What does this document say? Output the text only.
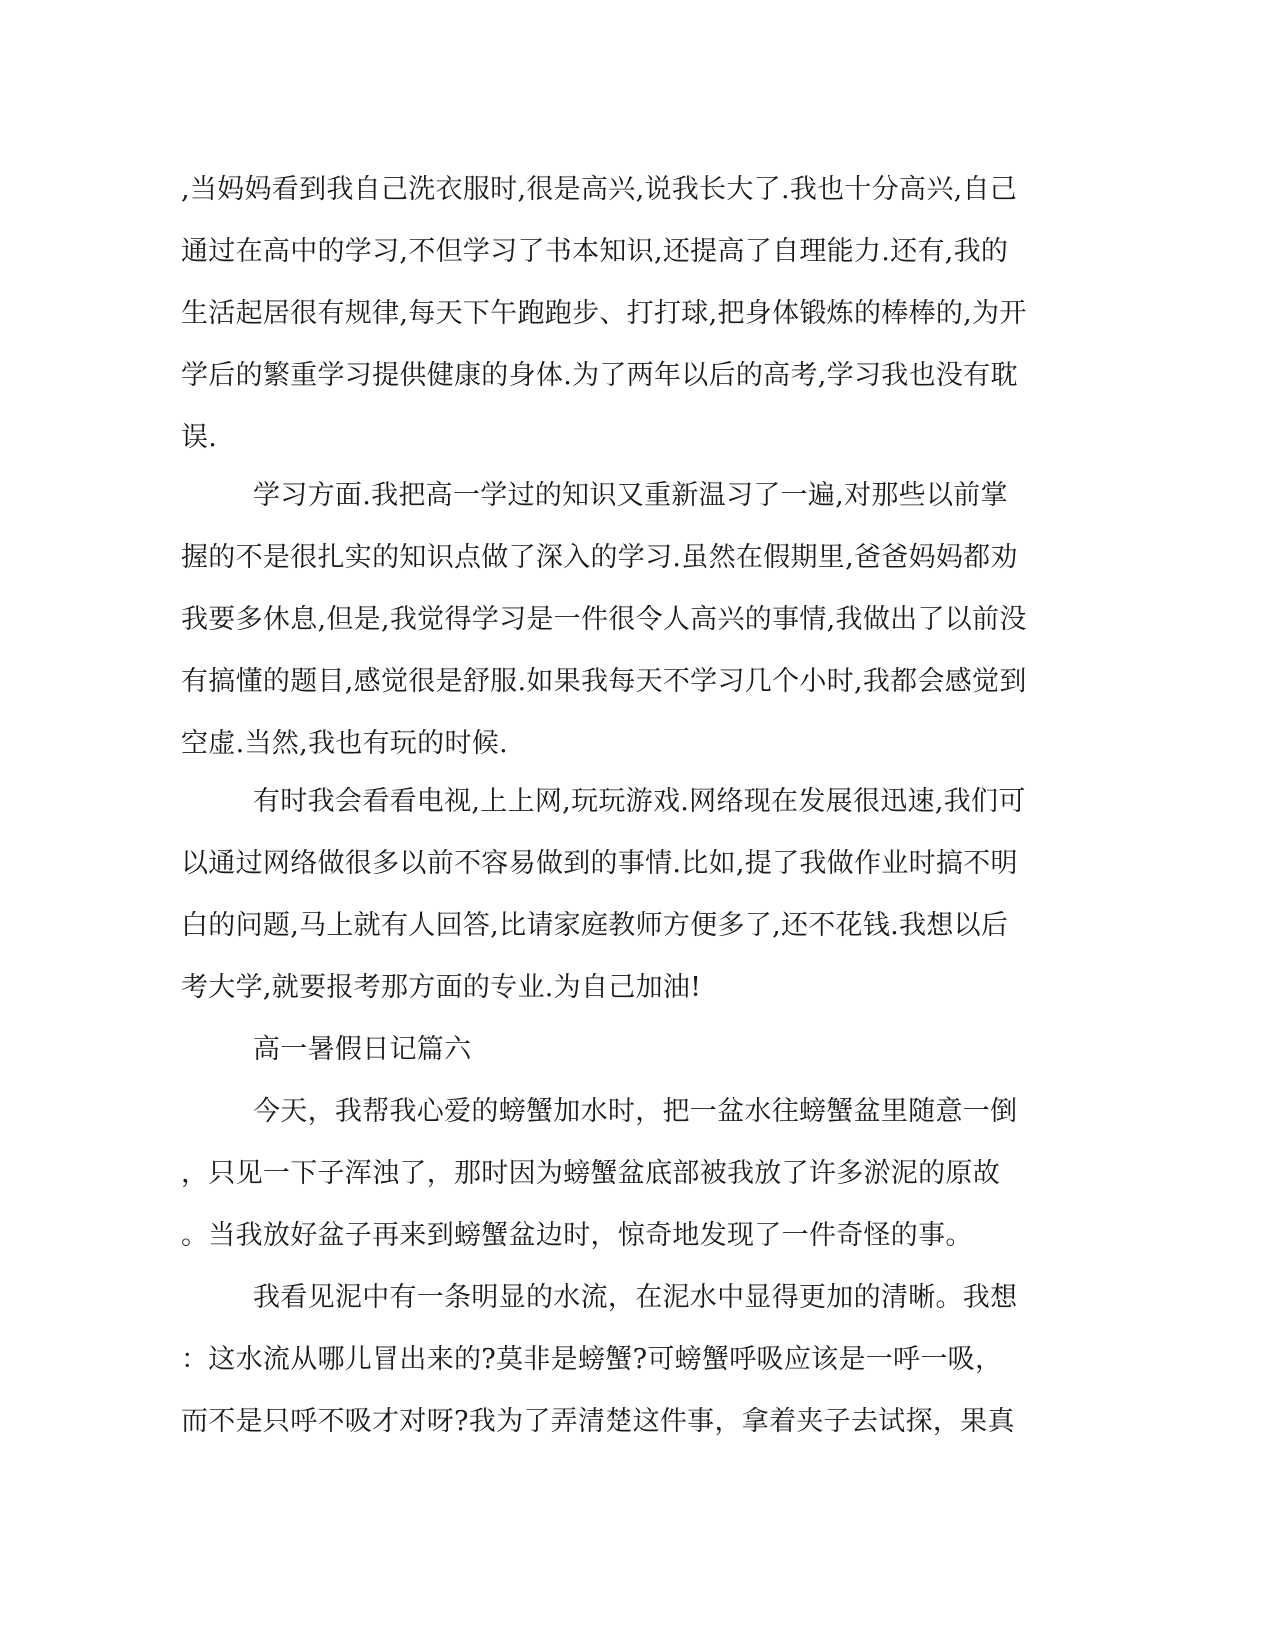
,当妈妈看到我自己洗衣服时,很是高兴,说我长大了.我也十分高兴,自己
通过在高中的学习,不但学习了书本知识,还提高了自理能力.还有,我的
生活起居很有规律,每天下午跑跑步、打打球,把身体锻炼的棒棒的,为开
学后的繁重学习提供健康的身体.为了两年以后的高考,学习我也没有耽
误.
学习方面.我把高一学过的知识又重新温习了一遍,对那些以前掌
握的不是很扎实的知识点做了深入的学习.虽然在假期里,爸爸妈妈都劝
我要多休息,但是,我觉得学习是一件很令人高兴的事情,我做出了以前没
有搞懂的题目,感觉很是舒服.如果我每天不学习几个小时,我都会感觉到
空虚.当然,我也有玩的时候.
有时我会看看电视,上上网,玩玩游戏.网络现在发展很迅速,我们可
以通过网络做很多以前不容易做到的事情.比如,提了我做作业时搞不明
白的问题,马上就有人回答,比请家庭教师方便多了,还不花钱.我想以后
考大学,就要报考那方面的专业.为自己加油!
高一暑假日记篇六
今天，我帮我心爱的螃蟹加水时，把一盆水往螃蟹盆里随意一倒
，只见一下子浑浊了，那时因为螃蟹盆底部被我放了许多淤泥的原故
。当我放好盆子再来到螃蟹盆边时，惊奇地发现了一件奇怪的事。
我看见泥中有一条明显的水流，在泥水中显得更加的清晰。我想
：这水流从哪儿冒出来的?莫非是螃蟹?可螃蟹呼吸应该是一呼一吸，
而不是只呼不吸才对呀?我为了弄清楚这件事，拿着夹子去试探，果真
